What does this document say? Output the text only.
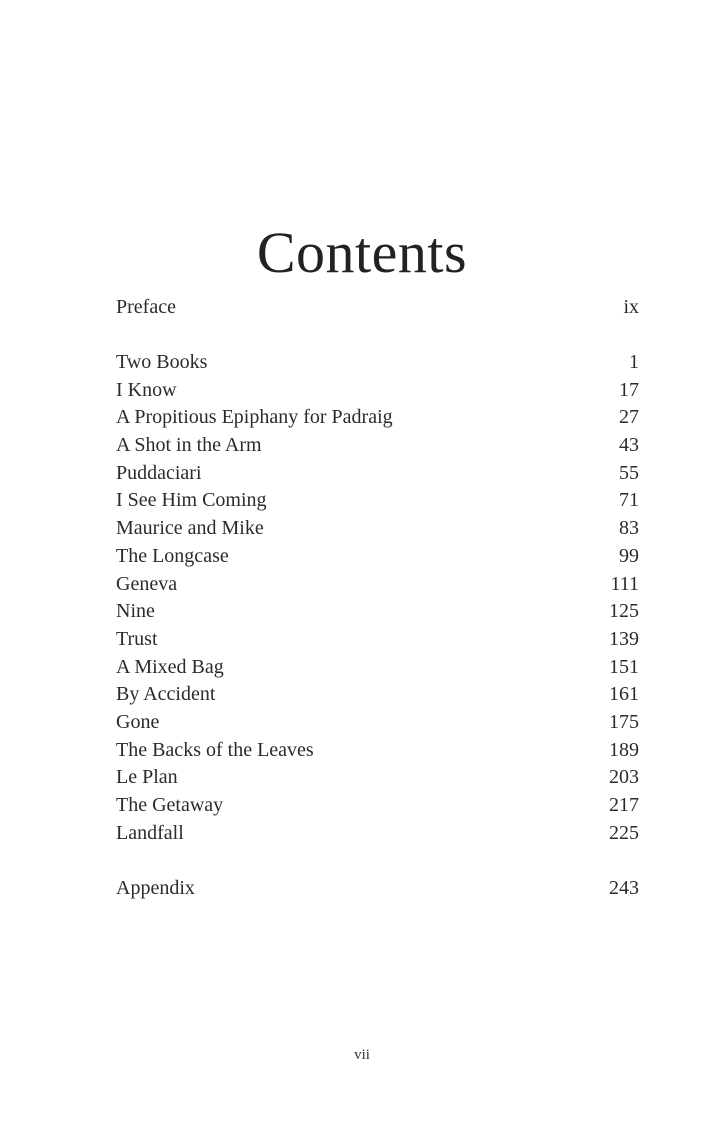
Contents
Preface	ix
Two Books	1
I Know	17
A Propitious Epiphany for Padraig	27
A Shot in the Arm	43
Puddaciari	55
I See Him Coming	71
Maurice and Mike	83
The Longcase	99
Geneva	111
Nine	125
Trust	139
A Mixed Bag	151
By Accident	161
Gone	175
The Backs of the Leaves	189
Le Plan	203
The Getaway	217
Landfall	225
Appendix	243
vii
